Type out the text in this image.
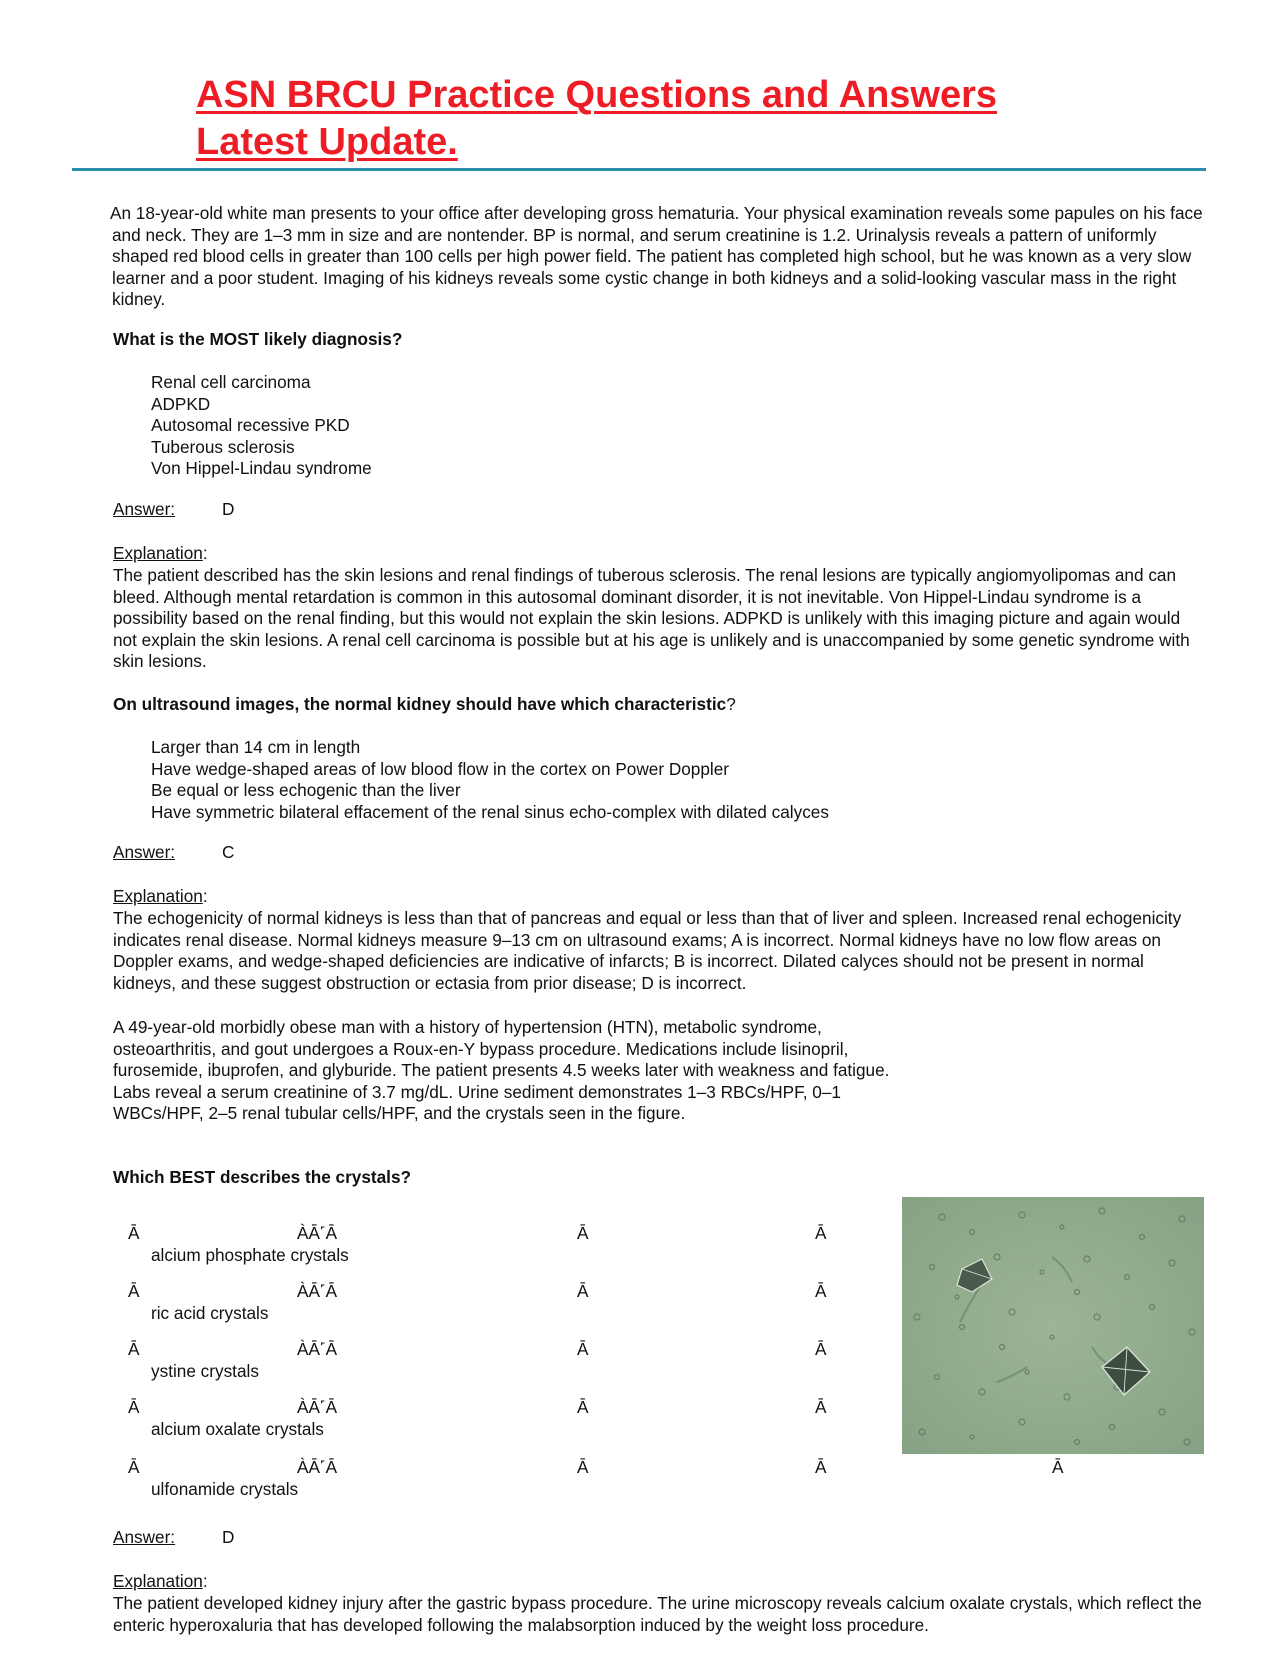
ASN BRCU Practice Questions and Answers
Latest Update.

An 18-year-old white man presents to your office after developing gross hematuria. Your physical examination reveals some papules on his face and neck. They are 1–3 mm in size and are nontender. BP is normal, and serum creatinine is 1.2. Urinalysis reveals a pattern of uniformly shaped red blood cells in greater than 100 cells per high power field. The patient has completed high school, but he was known as a very slow learner and a poor student. Imaging of his kidneys reveals some cystic change in both kidneys and a solid-looking vascular mass in the right kidney.

What is the MOST likely diagnosis?

Renal cell carcinoma
ADPKD
Autosomal recessive PKD
Tuberous sclerosis
Von Hippel-Lindau syndrome

Answer:	D

Explanation:

The patient described has the skin lesions and renal findings of tuberous sclerosis. The renal lesions are typically angiomyolipomas and can bleed. Although mental retardation is common in this autosomal dominant disorder, it is not inevitable. Von Hippel-Lindau syndrome is a possibility based on the renal finding, but this would not explain the skin lesions. ADPKD is unlikely with this imaging picture and again would not explain the skin lesions. A renal cell carcinoma is possible but at his age is unlikely and is unaccompanied by some genetic syndrome with skin lesions.

On ultrasound images, the normal kidney should have which characteristic?

Larger than 14 cm in length
Have wedge-shaped areas of low blood flow in the cortex on Power Doppler
Be equal or less echogenic than the liver
Have symmetric bilateral effacement of the renal sinus echo-complex with dilated calyces

Answer:	C

Explanation:

The echogenicity of normal kidneys is less than that of pancreas and equal or less than that of liver and spleen. Increased renal echogenicity indicates renal disease. Normal kidneys measure 9–13 cm on ultrasound exams; A is incorrect. Normal kidneys have no low flow areas on Doppler exams, and wedge-shaped deficiencies are indicative of infarcts; B is incorrect. Dilated calyces should not be present in normal kidneys, and these suggest obstruction or ectasia from prior disease; D is incorrect.

A 49-year-old morbidly obese man with a history of hypertension (HTN), metabolic syndrome, osteoarthritis, and gout undergoes a Roux-en-Y bypass procedure. Medications include lisinopril, furosemide, ibuprofen, and glyburide. The patient presents 4.5 weeks later with weakness and fatigue. Labs reveal a serum creatinine of 3.7 mg/dL. Urine sediment demonstrates 1–3 RBCs/HPF, 0–1 WBCs/HPF, 2–5 renal tubular cells/HPF, and the crystals seen in the figure.

Which BEST describes the crystals?

Ā	ÀĀ˹Ā	Ā	Ā
alcium phosphate crystals
Ā	ÀĀ˹Ā	Ā	Ā
ric acid crystals
Ā	ÀĀ˹Ā	Ā	Ā
ystine crystals
Ā	ÀĀ˹Ā	Ā	Ā
alcium oxalate crystals
Ā	ÀĀ˹Ā	Ā	Ā	Ā
ulfonamide crystals

Answer:	D

Explanation:

The patient developed kidney injury after the gastric bypass procedure. The urine microscopy reveals calcium oxalate crystals, which reflect the enteric hyperoxaluria that has developed following the malabsorption induced by the weight loss procedure.
